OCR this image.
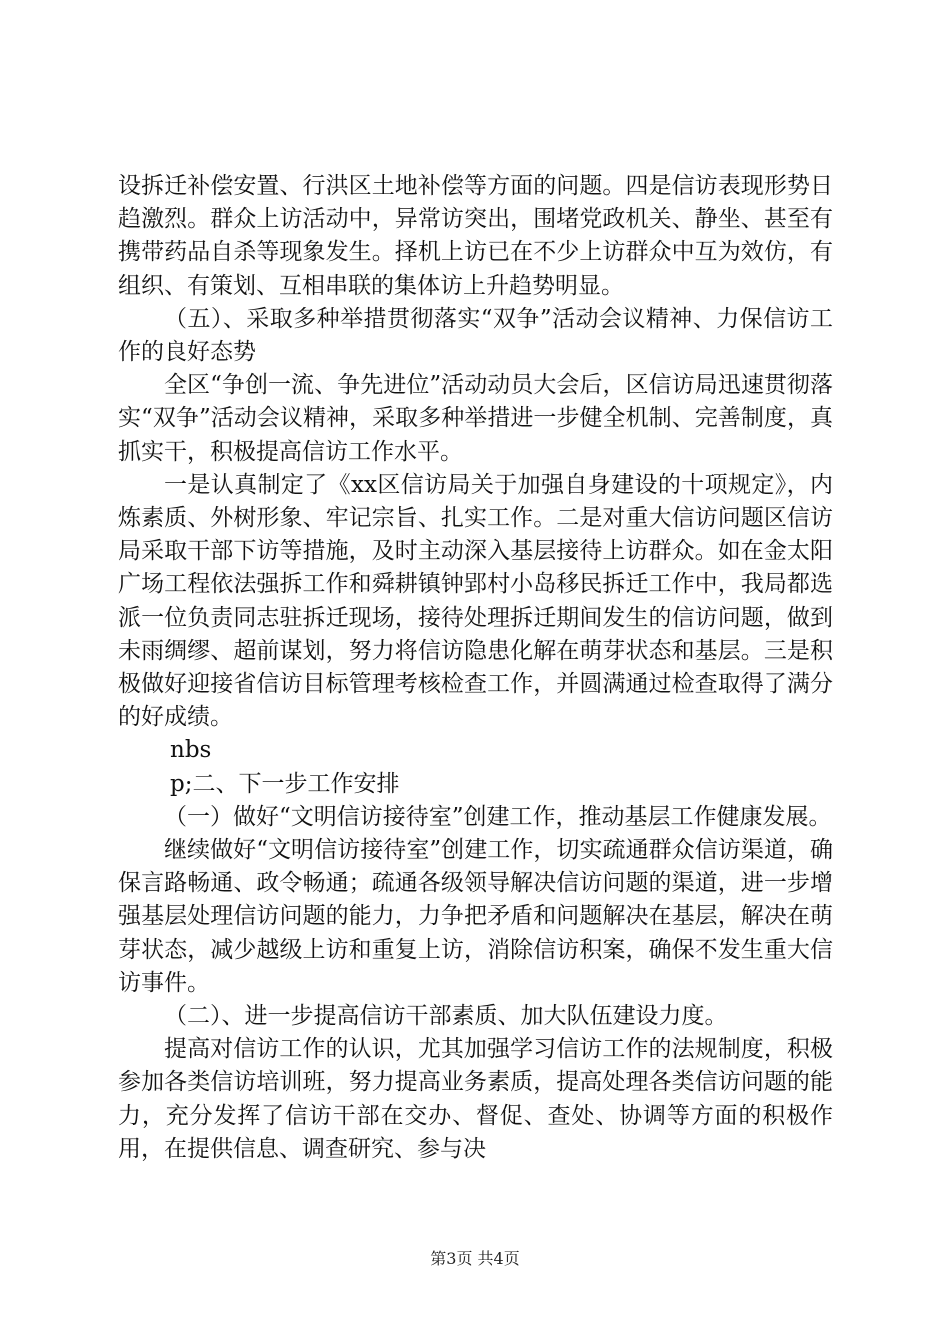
设拆迁补偿安置、行洪区土地补偿等方面的问题。四是信访表现形势日趋激烈。群众上访活动中，异常访突出，围堵党政机关、静坐、甚至有携带药品自杀等现象发生。择机上访已在不少上访群众中互为效仿，有组织、有策划、互相串联的集体访上升趋势明显。

（五）、采取多种举措贯彻落实“双争”活动会议精神、力保信访工作的良好态势

全区“争创一流、争先进位”活动动员大会后，区信访局迅速贯彻落实“双争”活动会议精神，采取多种举措进一步健全机制、完善制度，真抓实干，积极提高信访工作水平。

一是认真制定了《xx区信访局关于加强自身建设的十项规定》，内炼素质、外树形象、牢记宗旨、扎实工作。二是对重大信访问题区信访局采取干部下访等措施，及时主动深入基层接待上访群众。如在金太阳广场工程依法强拆工作和舜耕镇钟郢村小岛移民拆迁工作中，我局都选派一位负责同志驻拆迁现场，接待处理拆迁期间发生的信访问题，做到未雨绸缪、超前谋划，努力将信访隐患化解在萌芽状态和基层。三是积极做好迎接省信访目标管理考核检查工作，并圆满通过检查取得了满分的好成绩。

nbs

p;二、下一步工作安排

（一）做好“文明信访接待室”创建工作，推动基层工作健康发展。

继续做好“文明信访接待室”创建工作，切实疏通群众信访渠道，确保言路畅通、政令畅通；疏通各级领导解决信访问题的渠道，进一步增强基层处理信访问题的能力，力争把矛盾和问题解决在基层，解决在萌芽状态，减少越级上访和重复上访，消除信访积案，确保不发生重大信访事件。

（二）、进一步提高信访干部素质、加大队伍建设力度。

提高对信访工作的认识，尤其加强学习信访工作的法规制度，积极参加各类信访培训班，努力提高业务素质，提高处理各类信访问题的能力，充分发挥了信访干部在交办、督促、查处、协调等方面的积极作用，在提供信息、调查研究、参与决

第3页 共4页
